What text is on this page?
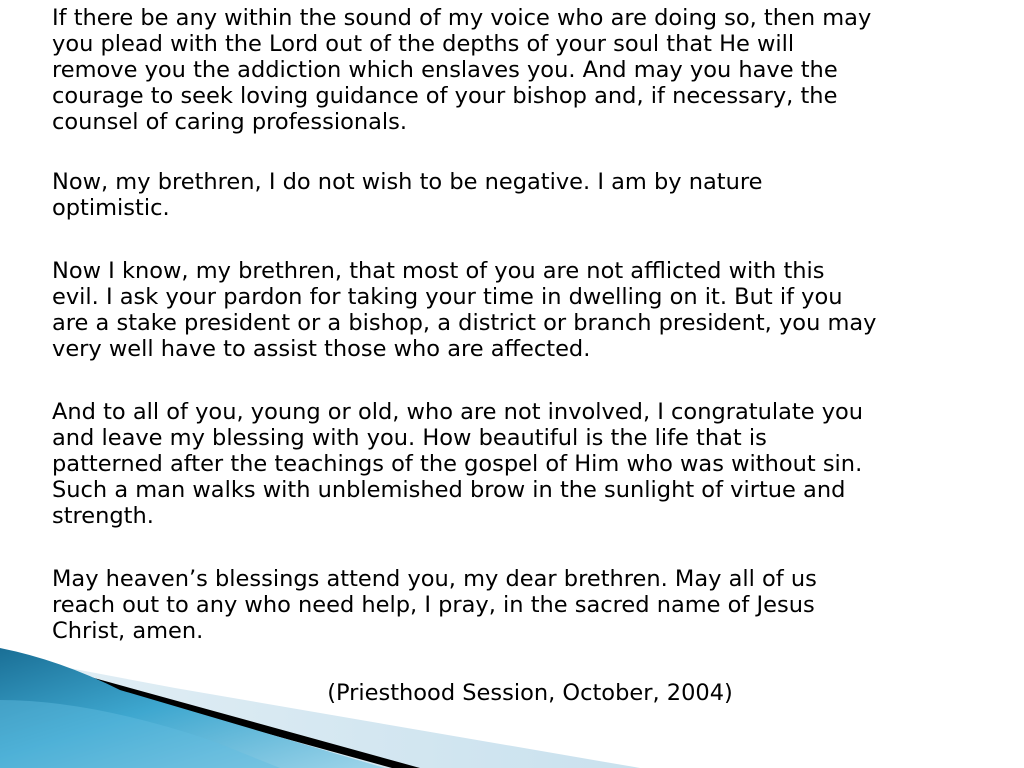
If there be any within the sound of my voice who are doing so, then may
you plead with the Lord out of the depths of your soul that He will
remove you the addiction which enslaves you. And may you have the
courage to seek loving guidance of your bishop and, if necessary, the
counsel of caring professionals.

Now, my brethren, I do not wish to be negative. I am by nature
optimistic.

Now I know, my brethren, that most of you are not afflicted with this
evil. I ask your pardon for taking your time in dwelling on it. But if you
are a stake president or a bishop, a district or branch president, you may
very well have to assist those who are affected.

And to all of you, young or old, who are not involved, I congratulate you
and leave my blessing with you. How beautiful is the life that is
patterned after the teachings of the gospel of Him who was without sin.
Such a man walks with unblemished brow in the sunlight of virtue and
strength.

May heaven’s blessings attend you, my dear brethren. May all of us
reach out to any who need help, I pray, in the sacred name of Jesus
Christ, amen.

(Priesthood Session, October, 2004)
